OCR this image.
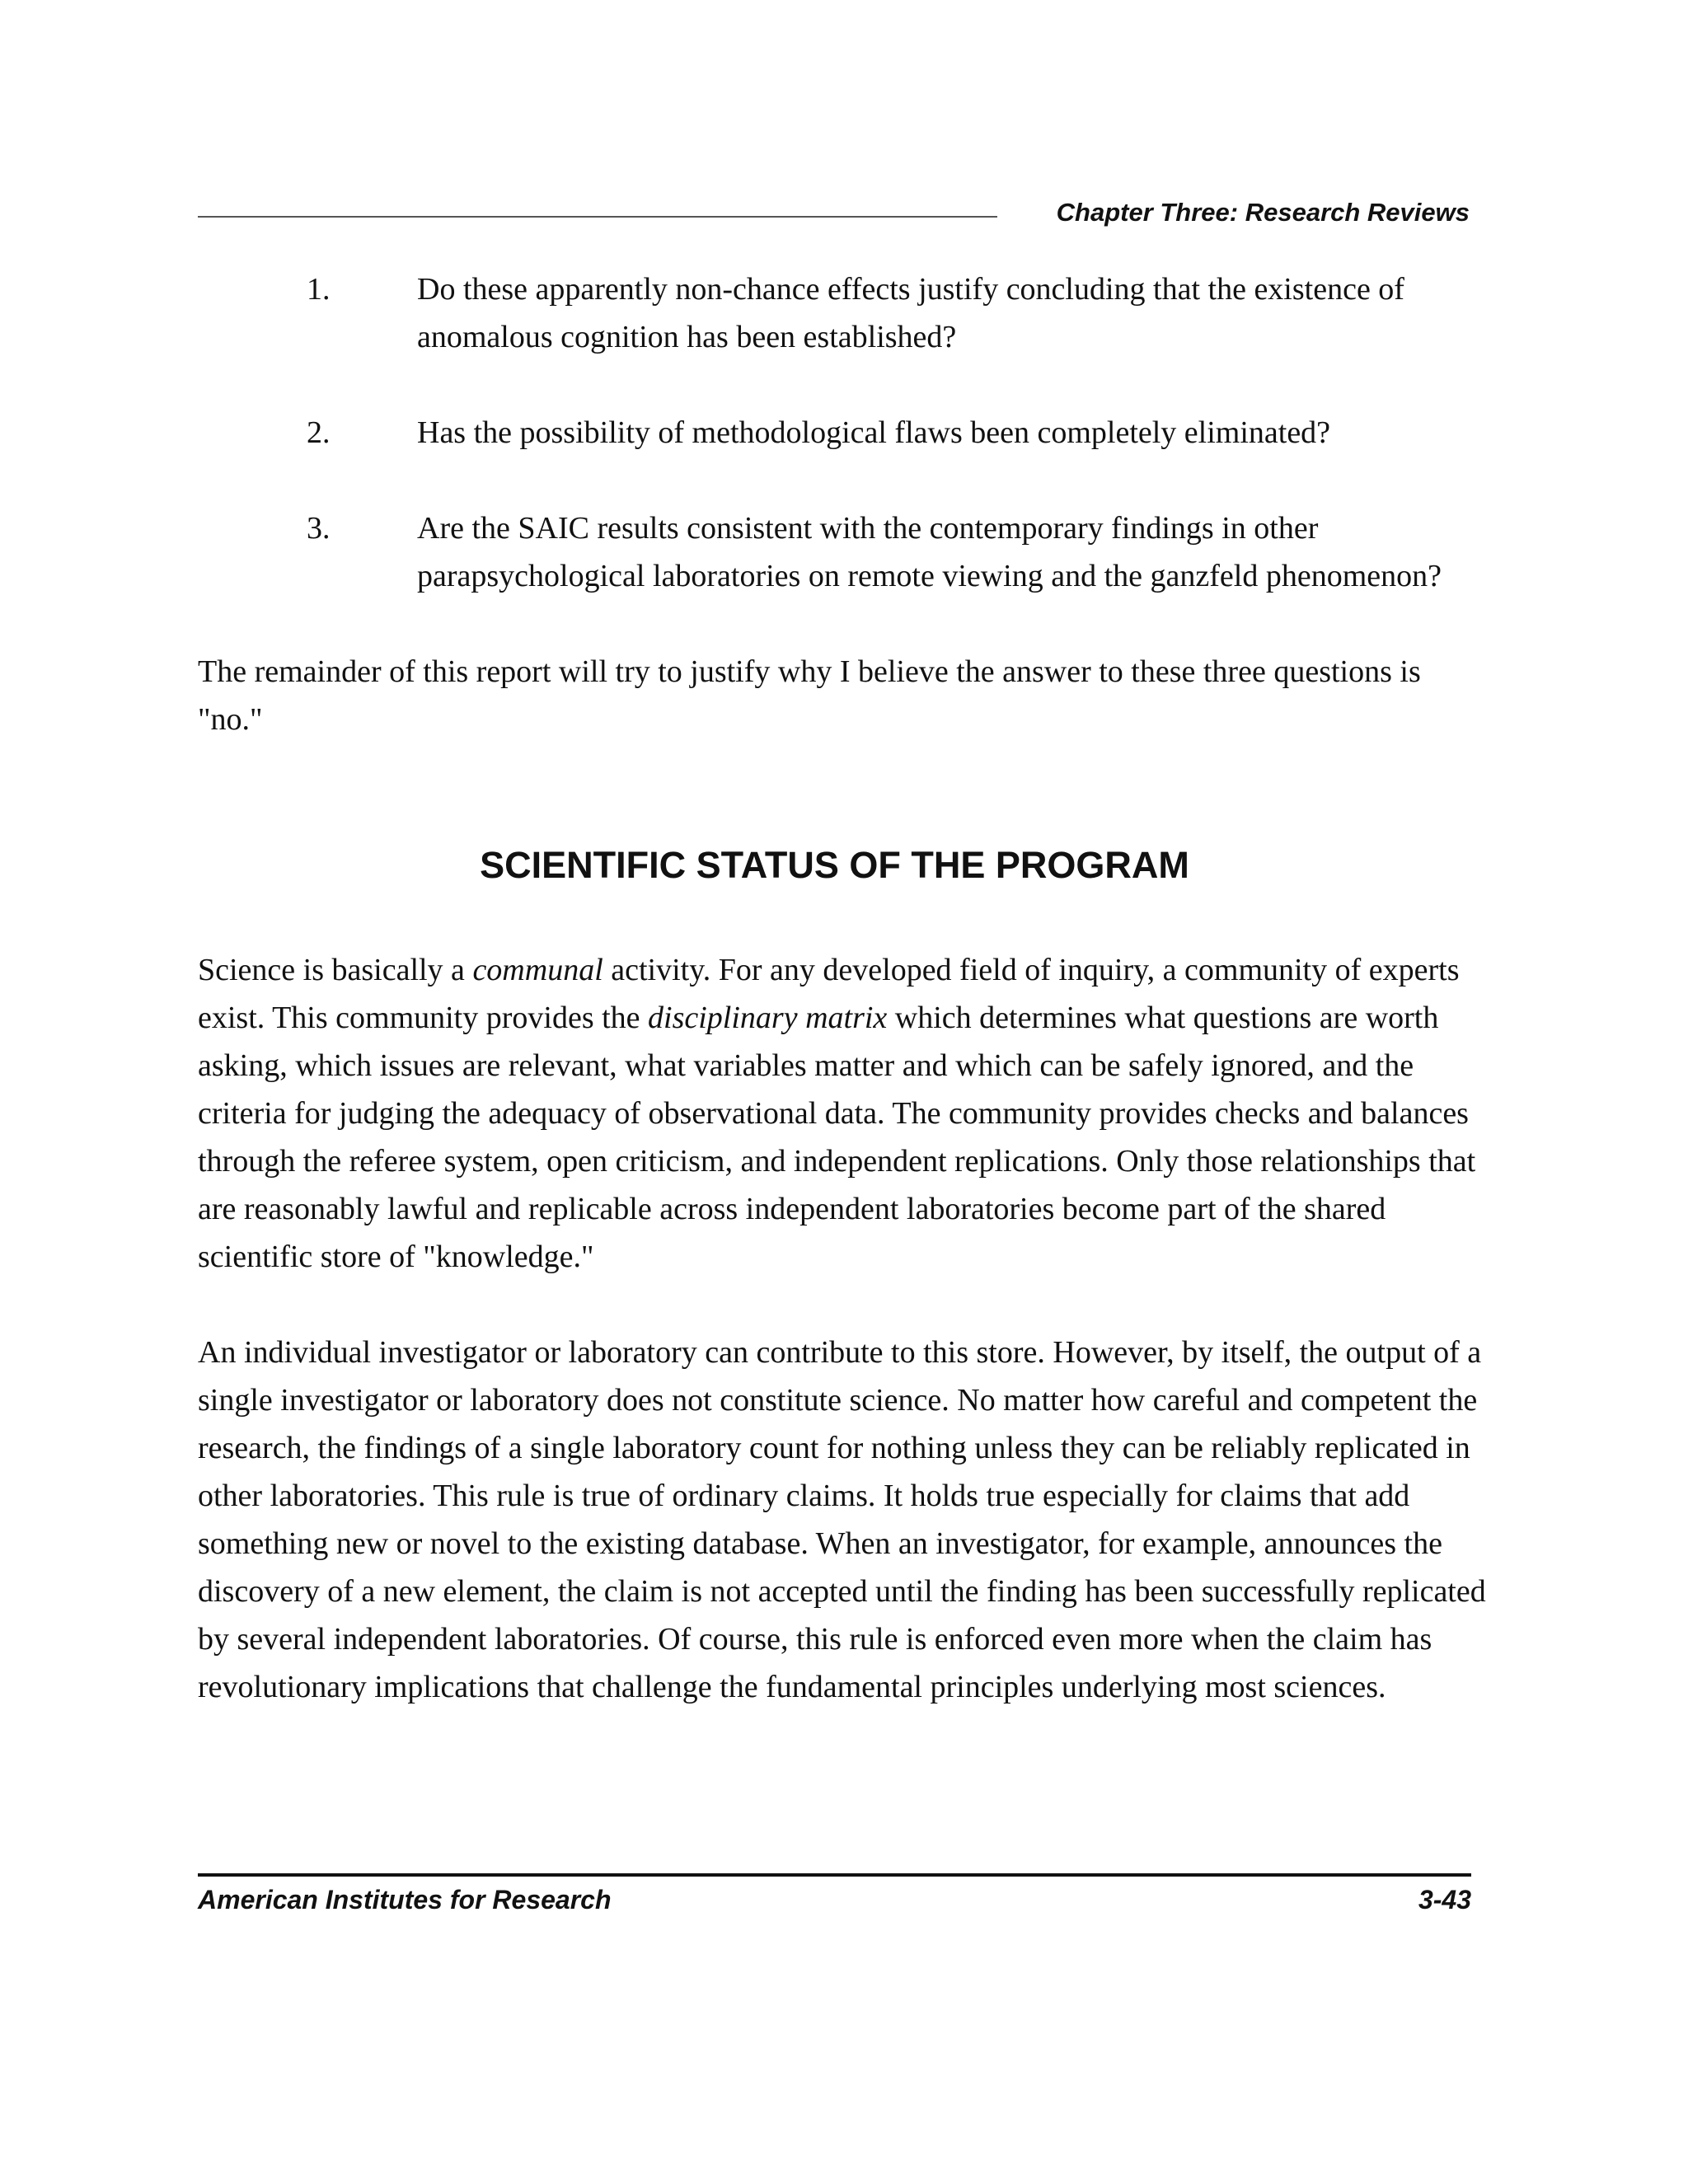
Chapter Three: Research Reviews
1.	Do these apparently non-chance effects justify concluding that the existence of anomalous cognition has been established?
2.	Has the possibility of methodological flaws been completely eliminated?
3.	Are the SAIC results consistent with the contemporary findings in other parapsychological laboratories on remote viewing and the ganzfeld phenomenon?

The remainder of this report will try to justify why I believe the answer to these three questions is "no."

SCIENTIFIC STATUS OF THE PROGRAM

Science is basically a communal activity. For any developed field of inquiry, a community of experts exist. This community provides the disciplinary matrix which determines what questions are worth asking, which issues are relevant, what variables matter and which can be safely ignored, and the criteria for judging the adequacy of observational data. The community provides checks and balances through the referee system, open criticism, and independent replications. Only those relationships that are reasonably lawful and replicable across independent laboratories become part of the shared scientific store of "knowledge."

An individual investigator or laboratory can contribute to this store. However, by itself, the output of a single investigator or laboratory does not constitute science. No matter how careful and competent the research, the findings of a single laboratory count for nothing unless they can be reliably replicated in other laboratories. This rule is true of ordinary claims. It holds true especially for claims that add something new or novel to the existing database. When an investigator, for example, announces the discovery of a new element, the claim is not accepted until the finding has been successfully replicated by several independent laboratories. Of course, this rule is enforced even more when the claim has revolutionary implications that challenge the fundamental principles underlying most sciences.

American Institutes for Research	3-43
